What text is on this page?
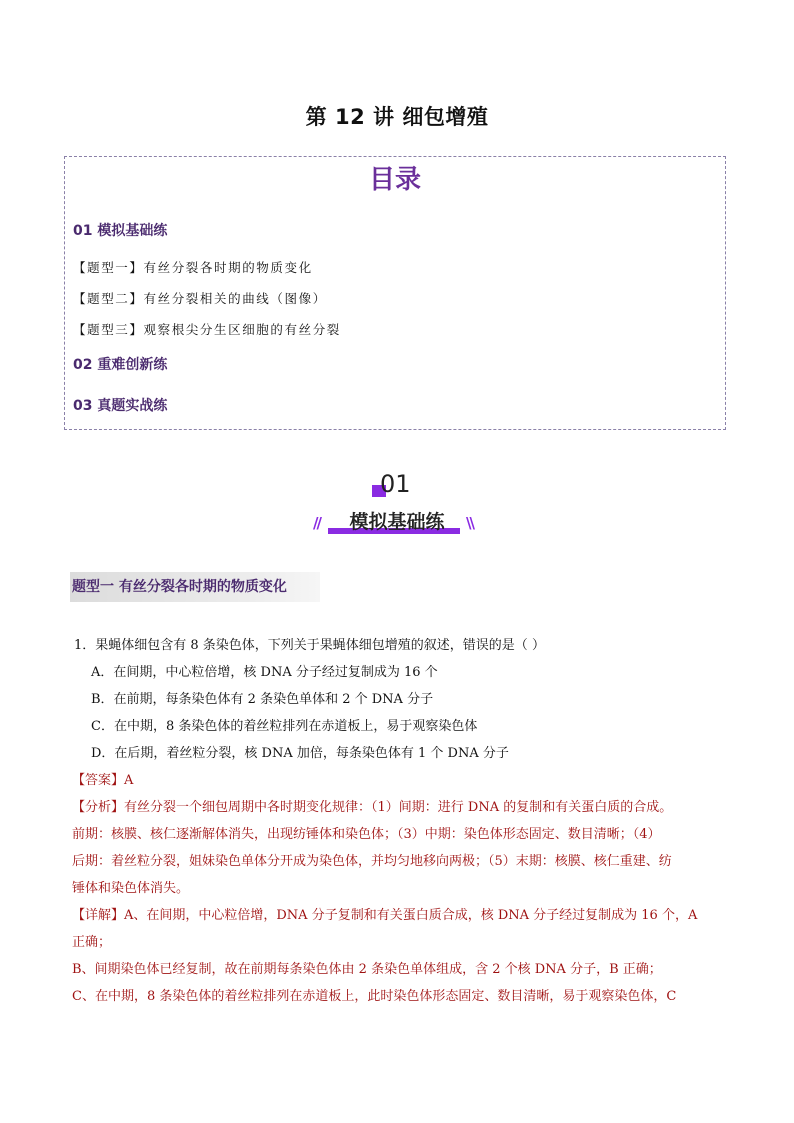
第 12 讲 细包增殖
目录
01 模拟基础练
【题型一】有丝分裂各时期的物质变化
【题型二】有丝分裂相关的曲线（图像）
【题型三】观察根尖分生区细胞的有丝分裂
02 重难创新练
03 真题实战练
01
//	模拟基础练	\\
题型一 有丝分裂各时期的物质变化
1．果蝇体细包含有 8 条染色体，下列关于果蝇体细包增殖的叙述，错误的是（ ）
A．在间期，中心粒倍增，核 DNA 分子经过复制成为 16 个
B．在前期，每条染色体有 2 条染色单体和 2 个 DNA 分子
C．在中期，8 条染色体的着丝粒排列在赤道板上，易于观察染色体
D．在后期，着丝粒分裂，核 DNA 加倍，每条染色体有 1 个 DNA 分子
【答案】A
【分析】有丝分裂一个细包周期中各时期变化规律：（1）间期：进行 DNA 的复制和有关蛋白质的合成。
前期：核膜、核仁逐渐解体消失，出现纺锤体和染色体；（3）中期：染色体形态固定、数目清晰；（4）
后期：着丝粒分裂，姐妹染色单体分开成为染色体，并均匀地移向两极；（5）末期：核膜、核仁重建、纺
锤体和染色体消失。
【详解】A、在间期，中心粒倍增，DNA 分子复制和有关蛋白质合成，核 DNA 分子经过复制成为 16 个，A
正确；
B、间期染色体已经复制，故在前期每条染色体由 2 条染色单体组成，含 2 个核 DNA 分子，B 正确；
C、在中期，8 条染色体的着丝粒排列在赤道板上，此时染色体形态固定、数目清晰，易于观察染色体，C
